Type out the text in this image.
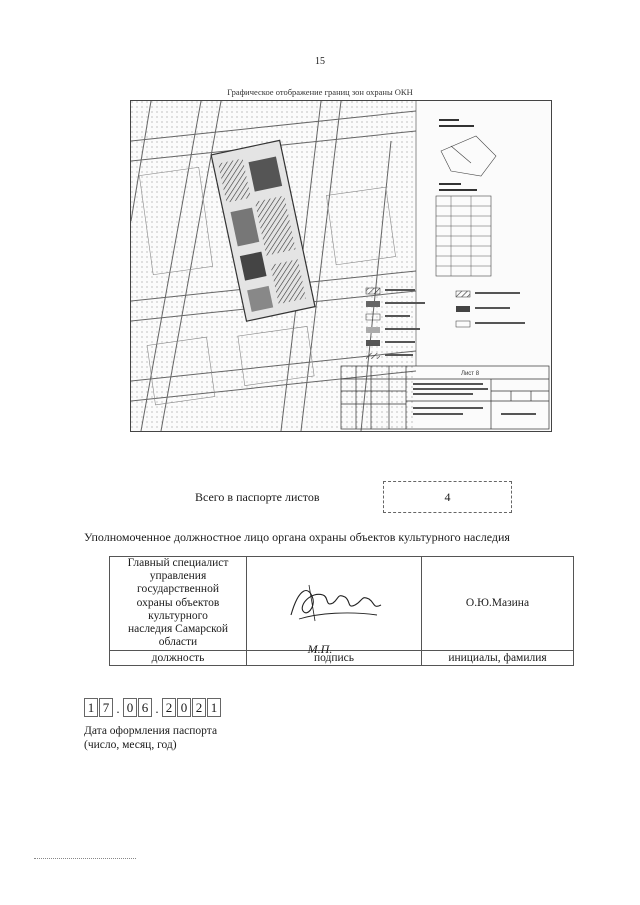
15
Графическое отображение границ зон охраны ОКН
Лист 8
Всего в паспорте листов	4
Уполномоченное должностное лицо органа охраны объектов культурного наследия
Главный специалист
управления государственной
охраны объектов культурного
наследия Самарской области		О.Ю.Мазина
должность	подпись	инициалы, фамилия
М.П.
1 7 . 0 6 . 2 0 2 1
Дата оформления паспорта
(число, месяц, год)
